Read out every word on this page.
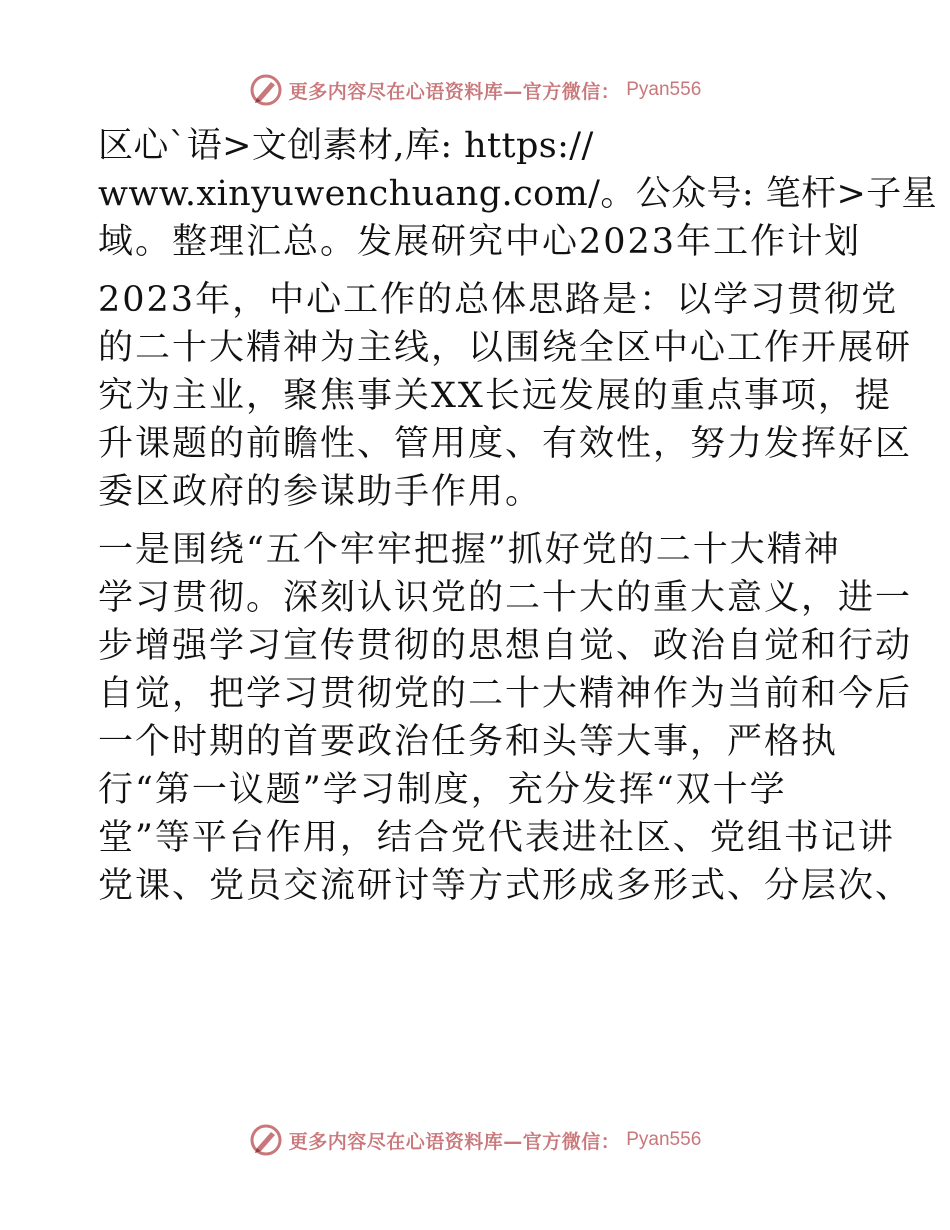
更多内容尽在心语资料库—官方微信： Pyan556
区心`语>文创素材,库: https://
www.xinyuwenchuang.com/。公众号: 笔杆>子星
域。整理汇总。发展研究中心2023年工作计划
2023年，中心工作的总体思路是：以学习贯彻党
的二十大精神为主线，以围绕全区中心工作开展研
究为主业，聚焦事关XX长远发展的重点事项，提
升课题的前瞻性、管用度、有效性，努力发挥好区
委区政府的参谋助手作用。
一是围绕“五个牢牢把握”抓好党的二十大精神
学习贯彻。深刻认识党的二十大的重大意义，进一
步增强学习宣传贯彻的思想自觉、政治自觉和行动
自觉，把学习贯彻党的二十大精神作为当前和今后
一个时期的首要政治任务和头等大事，严格执
行“第一议题”学习制度，充分发挥“双十学
堂”等平台作用，结合党代表进社区、党组书记讲
党课、党员交流研讨等方式形成多形式、分层次、
更多内容尽在心语资料库—官方微信： Pyan556
